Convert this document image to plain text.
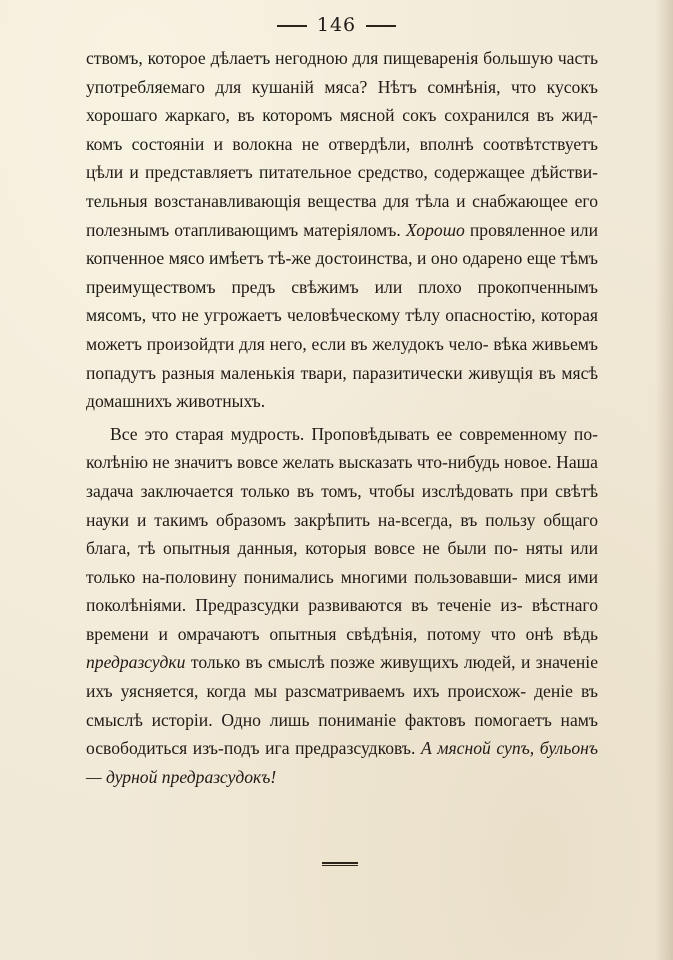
146

ствомъ, которое дѣлаетъ негодною для пищеваренія большую часть употребляемаго для кушаній мяса? Нѣтъ сомнѣнія, что кусокъ хорошаго жаркаго, въ которомъ мясной сокъ сохранился въ жид- комъ состояніи и волокна не отвердѣли, вполнѣ соотвѣтствуетъ цѣли и представляетъ питательное средство, содержащее дѣйстви- тельныя возстанавливающія вещества для тѣла и снабжающее его полезнымъ отапливающимъ матеріяломъ. Хорошо провяленное или копченное мясо имѣетъ тѣ-же достоинства, и оно одарено еще тѣмъ преимуществомъ предъ свѣжимъ или плохо прокопченнымъ мясомъ, что не угрожаетъ человѣческому тѣлу опасностію, которая можетъ произойдти для него, если въ желудокъ чело- вѣка живьемъ попадутъ разныя маленькія твари, паразитически живущія въ мясѣ домашнихъ животныхъ.

Все это старая мудрость. Проповѣдывать ее современному по- колѣнію не значитъ вовсе желать высказать что-нибудь новое. Наша задача заключается только въ томъ, чтобы изслѣдовать при свѣтѣ науки и такимъ образомъ закрѣпить на-всегда, въ пользу общаго блага, тѣ опытныя данныя, которыя вовсе не были по- няты или только на-половину понимались многими пользовавши- мися ими поколѣніями. Предразсудки развиваются въ теченіе из- вѣстнаго времени и омрачаютъ опытныя свѣдѣнія, потому что онѣ вѣдь предразсудки только въ смыслѣ позже живущихъ людей, и значеніе ихъ уясняется, когда мы разсматриваемъ ихъ происхож- деніе въ смыслѣ исторіи. Одно лишь пониманіе фактовъ помогаетъ намъ освободиться изъ-подъ ига предразсудковъ. А мясной супъ, бульонъ — дурной предразсудокъ!
